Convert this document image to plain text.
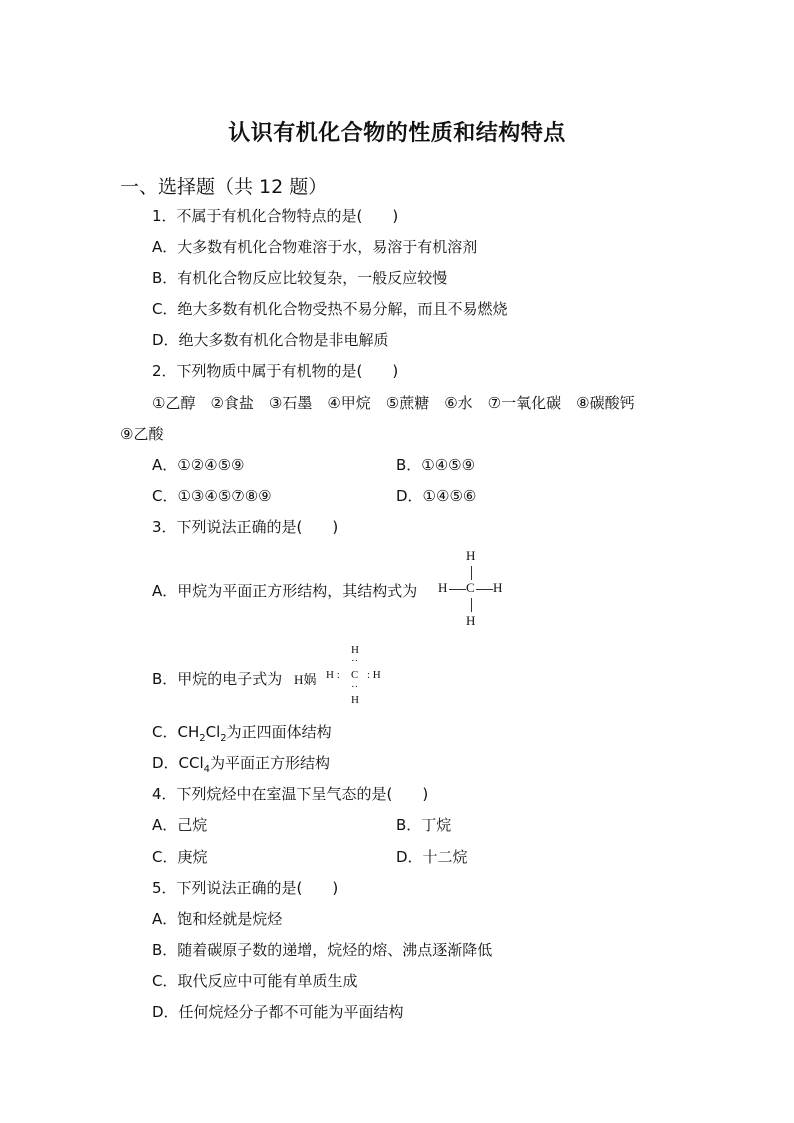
认识有机化合物的性质和结构特点
一、选择题（共 12 题）
1．不属于有机化合物特点的是(　　)
A．大多数有机化合物难溶于水，易溶于有机溶剂
B．有机化合物反应比较复杂，一般反应较慢
C．绝大多数有机化合物受热不易分解，而且不易燃烧
D．绝大多数有机化合物是非电解质
2．下列物质中属于有机物的是(　　)
①乙醇　②食盐　③石墨　④甲烷　⑤蔗糖　⑥水　⑦一氧化碳　⑧碳酸钙
⑨乙酸
A．①②④⑤⑨	B．①④⑤⑨
C．①③④⑤⑦⑧⑨	D．①④⑤⑥
3．下列说法正确的是(　　)
A．甲烷为平面正方形结构，其结构式为
H
H C H
H
B．甲烷的电子式为 H娲
H
··
H : C : H
··
H
C．$CH_2Cl_2$为正四面体结构
D．CCl$_4$为平面正方形结构
4．下列烷烃中在室温下呈气态的是(　　)
A．己烷	B．丁烷
C．庚烷	D．十二烷
5．下列说法正确的是(　　)
A．饱和烃就是烷烃
B．随着碳原子数的递增，烷烃的熔、沸点逐渐降低
C．取代反应中可能有单质生成
D．任何烷烃分子都不可能为平面结构
